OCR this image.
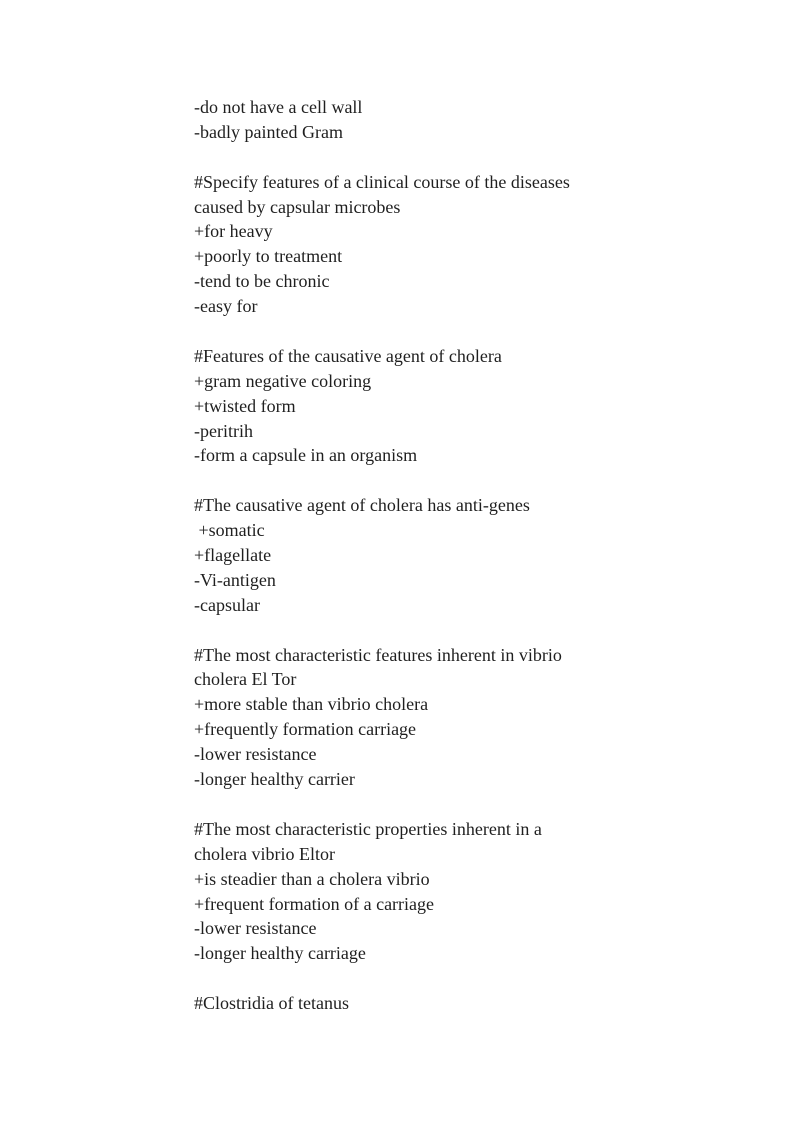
-do not have a cell wall
-badly painted Gram
#Specify features of a clinical course of the diseases
caused by capsular microbes
+for heavy
+poorly to treatment
-tend to be chronic
-easy for
#Features of the causative agent of cholera
+gram negative coloring
+twisted form
-peritrih
-form a capsule in an organism
#The causative agent of cholera has anti-genes
+somatic
+flagellate
-Vi-antigen
-capsular
#The most characteristic features inherent in vibrio
cholera El Tor
+more stable than vibrio cholera
+frequently formation carriage
-lower resistance
-longer healthy carrier
#The most characteristic properties inherent in a
cholera vibrio Eltor
+is steadier than a cholera vibrio
+frequent formation of a carriage
-lower resistance
-longer healthy carriage
#Clostridia of tetanus
